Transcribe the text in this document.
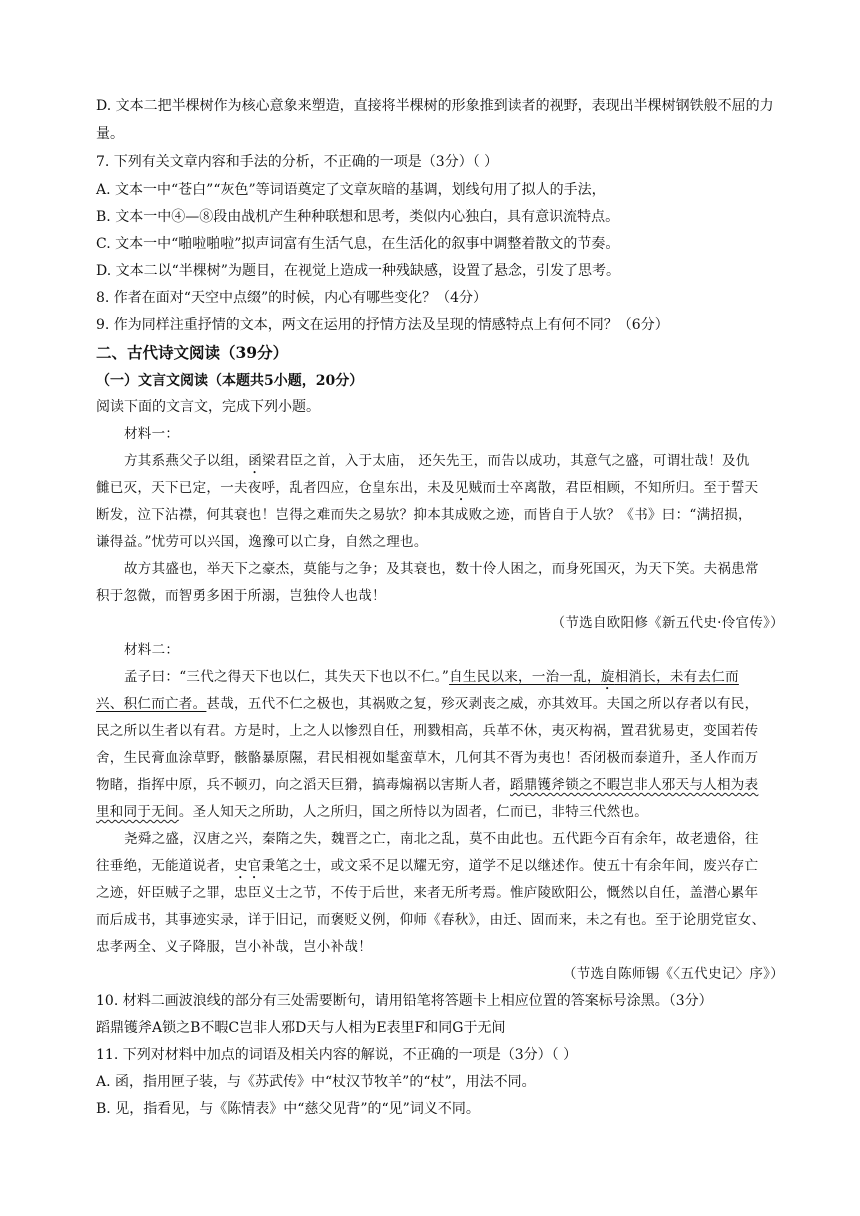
D. 文本二把半棵树作为核心意象来塑造，直接将半棵树的形象推到读者的视野，表现出半棵树钢铁般不屈的力
量。
7. 下列有关文章内容和手法的分析，不正确的一项是（3分）（ ）
A. 文本一中“苍白”“灰色”等词语奠定了文章灰暗的基调，划线句用了拟人的手法，
B. 文本一中④—⑧段由战机产生种种联想和思考，类似内心独白，具有意识流特点。
C. 文本一中“啪啦啪啦”拟声词富有生活气息，在生活化的叙事中调整着散文的节奏。
D. 文本二以“半棵树”为题目，在视觉上造成一种残缺感，设置了悬念，引发了思考。
8. 作者在面对“天空中点缀”的时候，内心有哪些变化？（4分）
9. 作为同样注重抒情的文本，两文在运用的抒情方法及呈现的情感特点上有何不同？（6分）
二、古代诗文阅读（39分）
（一）文言文阅读（本题共5小题，20分）
阅读下面的文言文，完成下列小题。
材料一：
方其系燕父子以组，函梁君臣之首，入于太庙， 还矢先王，而告以成功，其意气之盛，可谓壮哉！及仇
雠已灭，天下已定，一夫夜呼，乱者四应，仓皇东出，未及见贼而士卒离散，君臣相顾，不知所归。至于誓天
断发，泣下沾襟，何其衰也！岂得之难而失之易欤？抑本其成败之迹，而皆自于人欤？《书》曰：“满招损，
谦得益。”忧劳可以兴国，逸豫可以亡身，自然之理也。
故方其盛也，举天下之豪杰，莫能与之争；及其衰也，数十伶人困之，而身死国灭，为天下笑。夫祸患常
积于忽微，而智勇多困于所溺，岂独伶人也哉！
（节选自欧阳修《新五代史·伶官传》）
材料二：
孟子曰：“三代之得天下也以仁，其失天下也以不仁。”自生民以来，一治一乱，旋相消长，未有去仁而
兴、积仁而亡者。甚哉，五代不仁之极也，其祸败之复，殄灭剥丧之威，亦其效耳。夫国之所以存者以有民，
民之所以生者以有君。方是时，上之人以惨烈自任，刑戮相高，兵革不休，夷灭构祸，置君犹易吏，变国若传
舍，生民膏血涂草野，骸骼暴原隰，君民相视如髦蛮草木，几何其不胥为夷也！否闭极而泰道升，圣人作而万
物睹，指挥中原，兵不顿刃，向之滔天巨猾，搞毒煽祸以害斯人者，蹈鼎镬斧锁之不暇岂非人邪天与人相为表
里和同于无间。圣人知天之所助，人之所归，国之所恃以为固者，仁而已，非特三代然也。
尧舜之盛，汉唐之兴，秦隋之失，魏晋之亡，南北之乱，莫不由此也。五代距今百有余年，故老遗俗，往
往垂绝，无能道说者，史官秉笔之士，或文采不足以耀无穷，道学不足以继述作。使五十有余年间，废兴存亡
之迹，奸臣贼子之罪，忠臣义士之节，不传于后世，来者无所考焉。惟庐陵欧阳公，慨然以自任，盖潜心累年
而后成书，其事迹实录，详于旧记，而褒贬义例，仰师《春秋》，由迁、固而来，未之有也。至于论朋党宦女、
忠孝两全、义子降服，岂小补哉，岂小补哉！
（节选自陈师锡《〈五代史记〉序》）
10. 材料二画波浪线的部分有三处需要断句，请用铅笔将答题卡上相应位置的答案标号涂黑。（3分）
蹈鼎镬斧A锁之B不暇C岂非人邪D天与人相为E表里F和同G于无间
11. 下列对材料中加点的词语及相关内容的解说，不正确的一项是（3分）（ ）
A. 函，指用匣子装，与《苏武传》中“杖汉节牧羊”的“杖”，用法不同。
B. 见，指看见，与《陈情表》中“慈父见背”的“见”词义不同。
